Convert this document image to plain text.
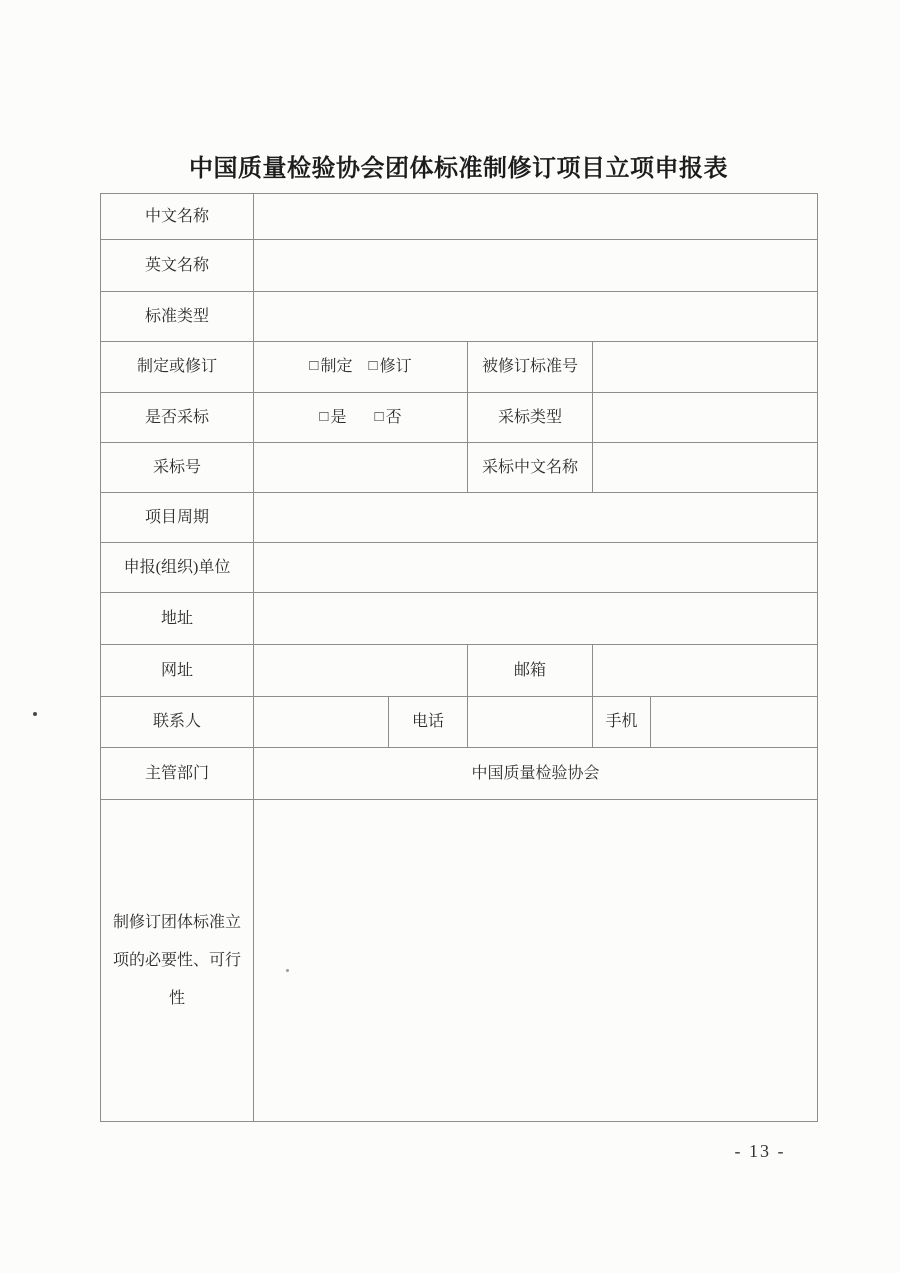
中国质量检验协会团体标准制修订项目立项申报表
中文名称					
英文名称					
标准类型					
制定或修订	□ 制定 □ 修订		被修订标准号		
是否采标	□ 是 □ 否		采标类型		
采标号			采标中文名称		
项目周期					
申报(组织)单位					
地址					
网址			邮箱		
联系人		电话		手机	
主管部门	中国质量检验协会				
制修订团体标准立项的必要性、可行性					
- 13 -
